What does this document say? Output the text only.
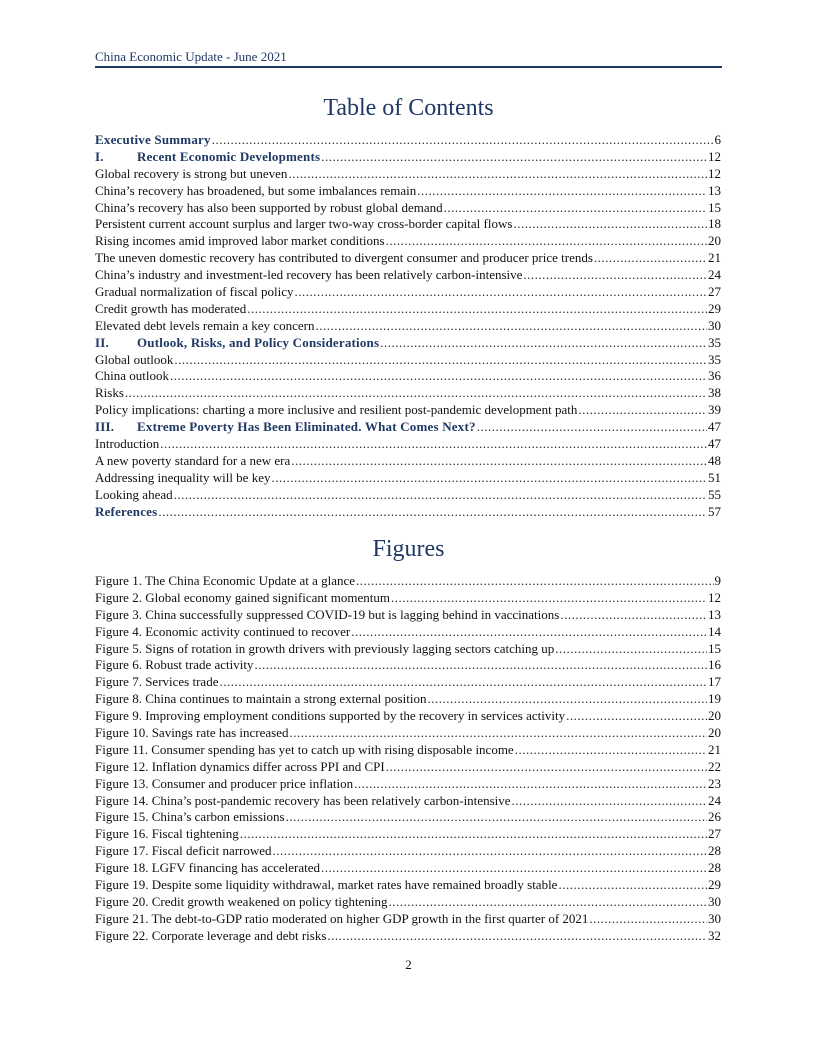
China Economic Update - June 2021
Table of Contents
Executive Summary .....	6
I.	Recent Economic Developments .....	12
Global recovery is strong but uneven .....	12
China’s recovery has broadened, but some imbalances remain .....	13
China’s recovery has also been supported by robust global demand .....	15
Persistent current account surplus and larger two-way cross-border capital flows .....	18
Rising incomes amid improved labor market conditions .....	20
The uneven domestic recovery has contributed to divergent consumer and producer price trends .....	21
China’s industry and investment-led recovery has been relatively carbon-intensive .....	24
Gradual normalization of fiscal policy .....	27
Credit growth has moderated .....	29
Elevated debt levels remain a key concern .....	30
II.	Outlook, Risks, and Policy Considerations .....	35
Global outlook .....	35
China outlook .....	36
Risks .....	38
Policy implications: charting a more inclusive and resilient post-pandemic development path .....	39
III.	Extreme Poverty Has Been Eliminated. What Comes Next? .....	47
Introduction .....	47
A new poverty standard for a new era .....	48
Addressing inequality will be key .....	51
Looking ahead .....	55
References .....	57
Figures
Figure 1. The China Economic Update at a glance .....	9
Figure 2. Global economy gained significant momentum .....	12
Figure 3. China successfully suppressed COVID-19 but is lagging behind in vaccinations .....	13
Figure 4. Economic activity continued to recover .....	14
Figure 5. Signs of rotation in growth drivers with previously lagging sectors catching up .....	15
Figure 6. Robust trade activity .....	16
Figure 7. Services trade .....	17
Figure 8. China continues to maintain a strong external position .....	19
Figure 9. Improving employment conditions supported by the recovery in services activity .....	20
Figure 10. Savings rate has increased .....	20
Figure 11. Consumer spending has yet to catch up with rising disposable income .....	21
Figure 12. Inflation dynamics differ across PPI and CPI .....	22
Figure 13. Consumer and producer price inflation .....	23
Figure 14. China’s post-pandemic recovery has been relatively carbon-intensive .....	24
Figure 15. China’s carbon emissions .....	26
Figure 16. Fiscal tightening .....	27
Figure 17. Fiscal deficit narrowed .....	28
Figure 18. LGFV financing has accelerated .....	28
Figure 19. Despite some liquidity withdrawal, market rates have remained broadly stable .....	29
Figure 20. Credit growth weakened on policy tightening .....	30
Figure 21. The debt-to-GDP ratio moderated on higher GDP growth in the first quarter of 2021 .....	30
Figure 22. Corporate leverage and debt risks .....	32
2
